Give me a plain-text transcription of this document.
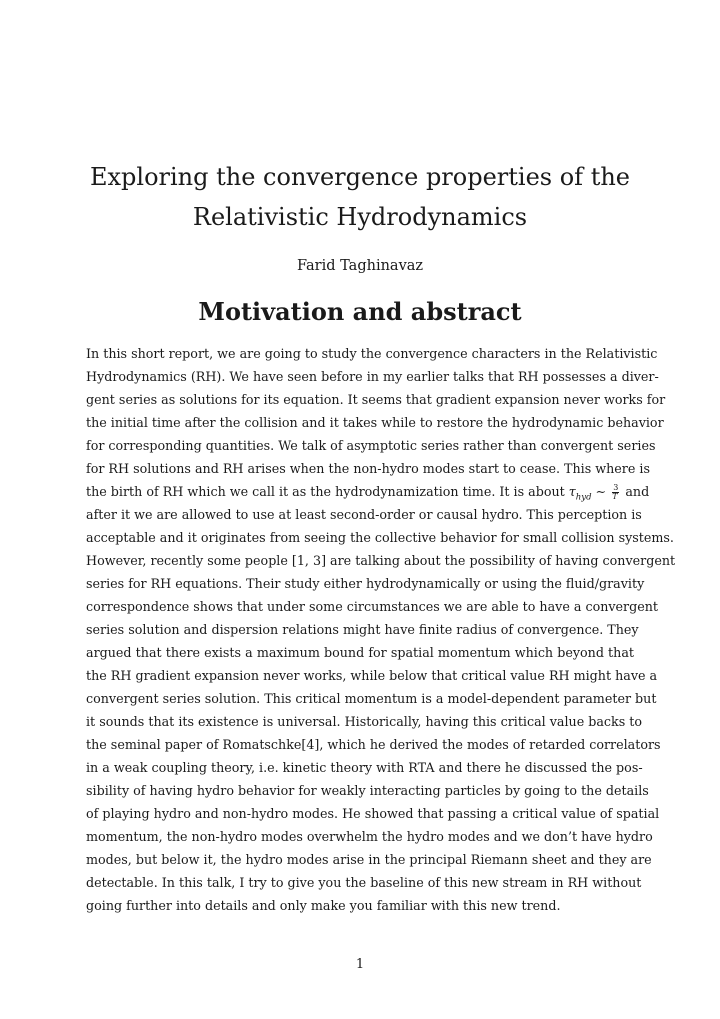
Exploring the convergence properties of the
Relativistic Hydrodynamics
Farid Taghinavaz
Motivation and abstract
In this short report, we are going to study the convergence characters in the Relativistic
Hydrodynamics (RH). We have seen before in my earlier talks that RH possesses a diver-
gent series as solutions for its equation. It seems that gradient expansion never works for
the initial time after the collision and it takes while to restore the hydrodynamic behavior
for corresponding quantities. We talk of asymptotic series rather than convergent series
for RH solutions and RH arises when the non-hydro modes start to cease. This where is
the birth of RH which we call it as the hydrodynamization time. It is about $\tau_{hyd}$ ∼ $\frac{3}{T}$ and
after it we are allowed to use at least second-order or causal hydro. This perception is
acceptable and it originates from seeing the collective behavior for small collision systems.
However, recently some people [1, 3] are talking about the possibility of having convergent
series for RH equations. Their study either hydrodynamically or using the fluid/gravity
correspondence shows that under some circumstances we are able to have a convergent
series solution and dispersion relations might have finite radius of convergence. They
argued that there exists a maximum bound for spatial momentum which beyond that
the RH gradient expansion never works, while below that critical value RH might have a
convergent series solution. This critical momentum is a model-dependent parameter but
it sounds that its existence is universal. Historically, having this critical value backs to
the seminal paper of Romatschke[4], which he derived the modes of retarded correlators
in a weak coupling theory, i.e. kinetic theory with RTA and there he discussed the pos-
sibility of having hydro behavior for weakly interacting particles by going to the details
of playing hydro and non-hydro modes. He showed that passing a critical value of spatial
momentum, the non-hydro modes overwhelm the hydro modes and we don’t have hydro
modes, but below it, the hydro modes arise in the principal Riemann sheet and they are
detectable. In this talk, I try to give you the baseline of this new stream in RH without
going further into details and only make you familiar with this new trend.
1
